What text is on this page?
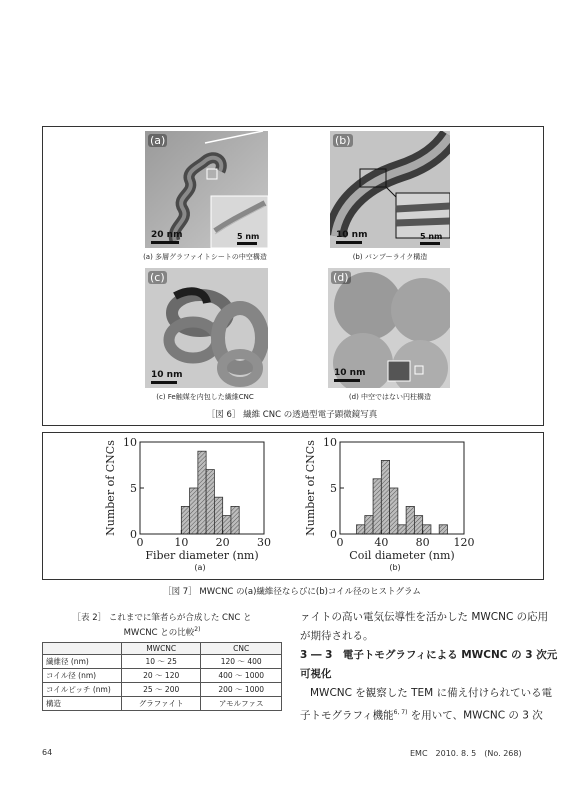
(a)
20 nm	5 nm
(a) 多層グラファイトシートの中空構造
(b)
10 nm	5 nm
(b) バンブーライク構造
(c)
10 nm
(c) Fe触媒を内包した繊維CNC
(d)
10 nm
(d) 中空ではない円柱構造
［図 6］ 繊維 CNC の透過型電子顕微鏡写真
0	10 20 30
0
5
10
Fiber diameter (nm)
Number of CNCs
0	40 80 120
0
5
10
Coil diameter (nm)
Number of CNCs
(a)	(b)
［図 7］ MWCNC の(a)繊維径ならびに(b)コイル径のヒストグラム
［表 2］ これまでに筆者らが合成した CNC と
MWCNC との比較$^{2)}$
	MWCNC	CNC
繊維径 (nm)	10 ～ 25	120 ～ 400
コイル径 (nm)	20 ～ 120	400 ～ 1000
コイルピッチ (nm)	25 ～ 200	200 ～ 1000
構造	グラファイト	アモルファス
ァイトの高い電気伝導性を活かした MWCNC の応用
が期待される。
3 ― 3　電子トモグラフィによる MWCNC の 3 次元
可視化
MWCNC を観察した TEM に備え付けられている電
子トモグラフィ機能$^{6, 7)}$ を用いて、MWCNC の 3 次
64	EMC　2010. 8. 5　(No. 268)
